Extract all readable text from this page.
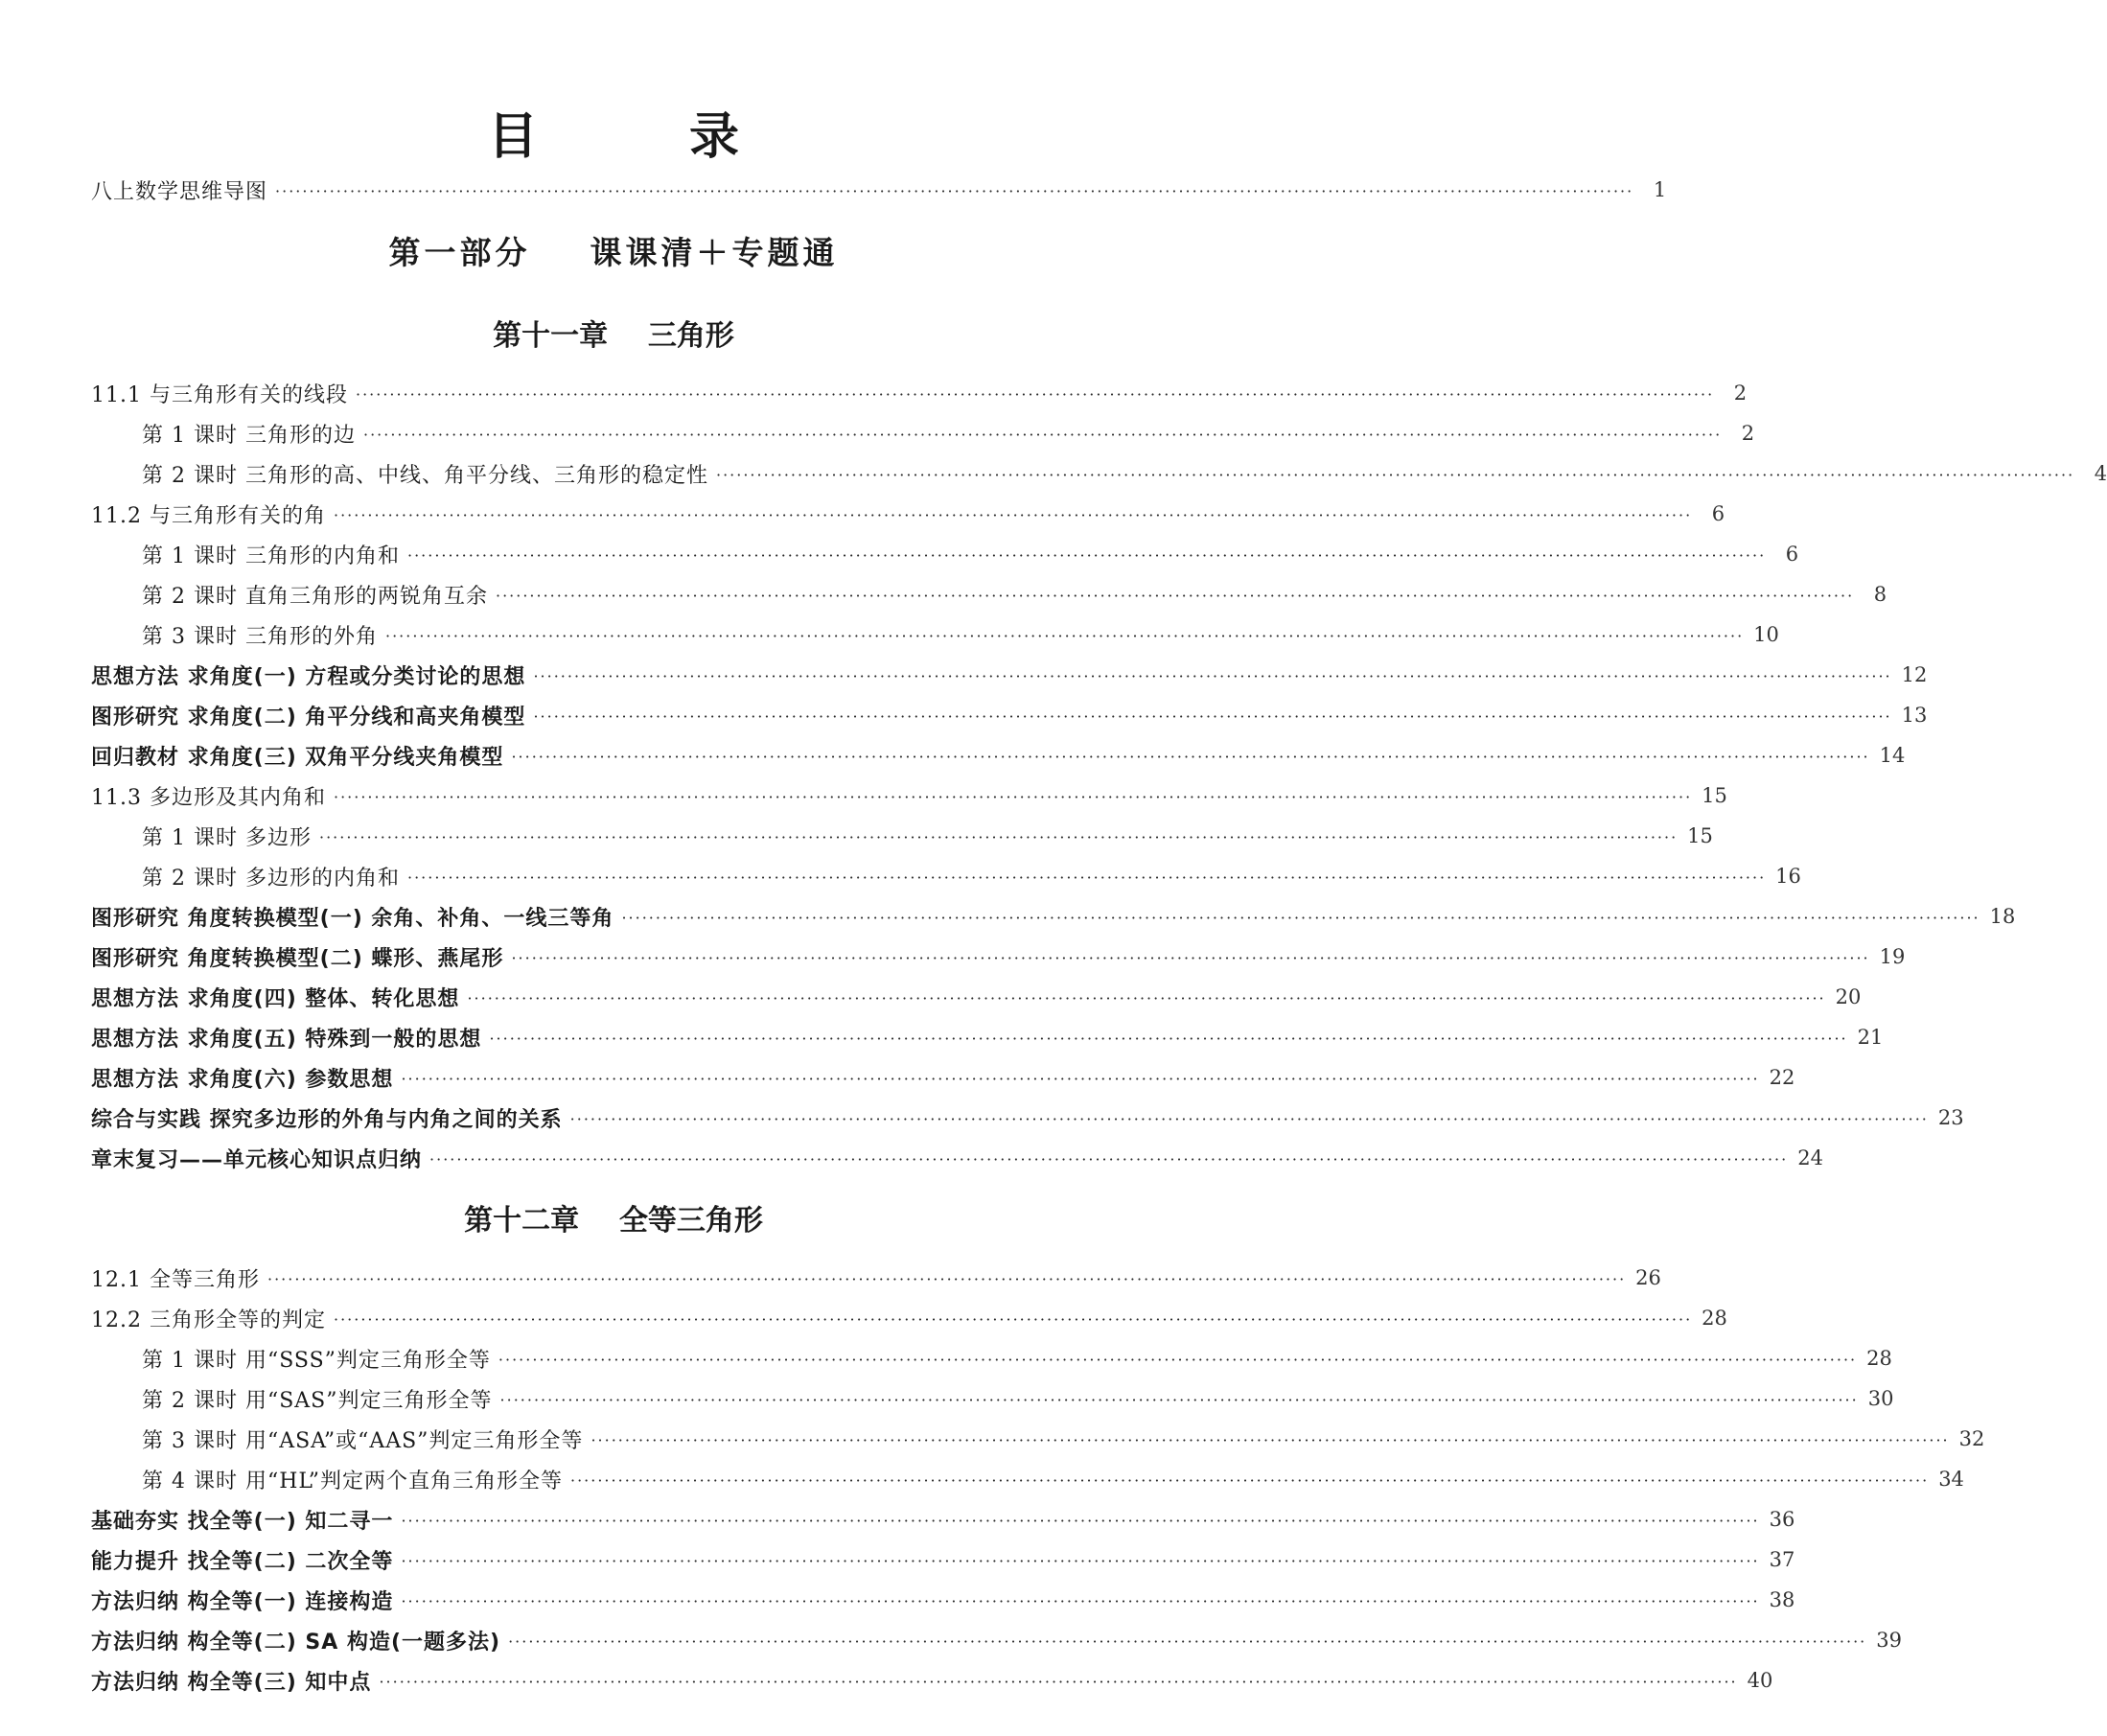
目 录
八上数学思维导图 ········································································································································································································ 1
第一部分    课课清＋专题通
第十一章    三角形
11.1 与三角形有关的线段 ········································································································································································································ 2
第 1 课时 三角形的边 ········································································································································································································ 2
第 2 课时 三角形的高、中线、角平分线、三角形的稳定性 ········································································································································································································ 4
11.2 与三角形有关的角 ········································································································································································································ 6
第 1 课时 三角形的内角和 ········································································································································································································ 6
第 2 课时 直角三角形的两锐角互余 ········································································································································································································ 8
第 3 课时 三角形的外角 ········································································································································································································ 10
思想方法 求角度(一) 方程或分类讨论的思想 ········································································································································································································ 12
图形研究 求角度(二) 角平分线和高夹角模型 ········································································································································································································ 13
回归教材 求角度(三) 双角平分线夹角模型 ········································································································································································································ 14
11.3 多边形及其内角和 ········································································································································································································ 15
第 1 课时 多边形 ········································································································································································································ 15
第 2 课时 多边形的内角和 ········································································································································································································ 16
图形研究 角度转换模型(一) 余角、补角、一线三等角 ········································································································································································································ 18
图形研究 角度转换模型(二) 蝶形、燕尾形 ········································································································································································································ 19
思想方法 求角度(四) 整体、转化思想 ········································································································································································································ 20
思想方法 求角度(五) 特殊到一般的思想 ········································································································································································································ 21
思想方法 求角度(六) 参数思想 ········································································································································································································ 22
综合与实践 探究多边形的外角与内角之间的关系 ········································································································································································································ 23
章末复习——单元核心知识点归纳 ········································································································································································································ 24
第十二章    全等三角形
12.1 全等三角形 ········································································································································································································ 26
12.2 三角形全等的判定 ········································································································································································································ 28
第 1 课时 用“SSS”判定三角形全等 ········································································································································································································ 28
第 2 课时 用“SAS”判定三角形全等 ········································································································································································································ 30
第 3 课时 用“ASA”或“AAS”判定三角形全等 ········································································································································································································ 32
第 4 课时 用“HL”判定两个直角三角形全等 ········································································································································································································ 34
基础夯实 找全等(一) 知二寻一 ········································································································································································································ 36
能力提升 找全等(二) 二次全等 ········································································································································································································ 37
方法归纳 构全等(一) 连接构造 ········································································································································································································ 38
方法归纳 构全等(二) SA 构造(一题多法) ········································································································································································································ 39
方法归纳 构全等(三) 知中点 ········································································································································································································ 40
